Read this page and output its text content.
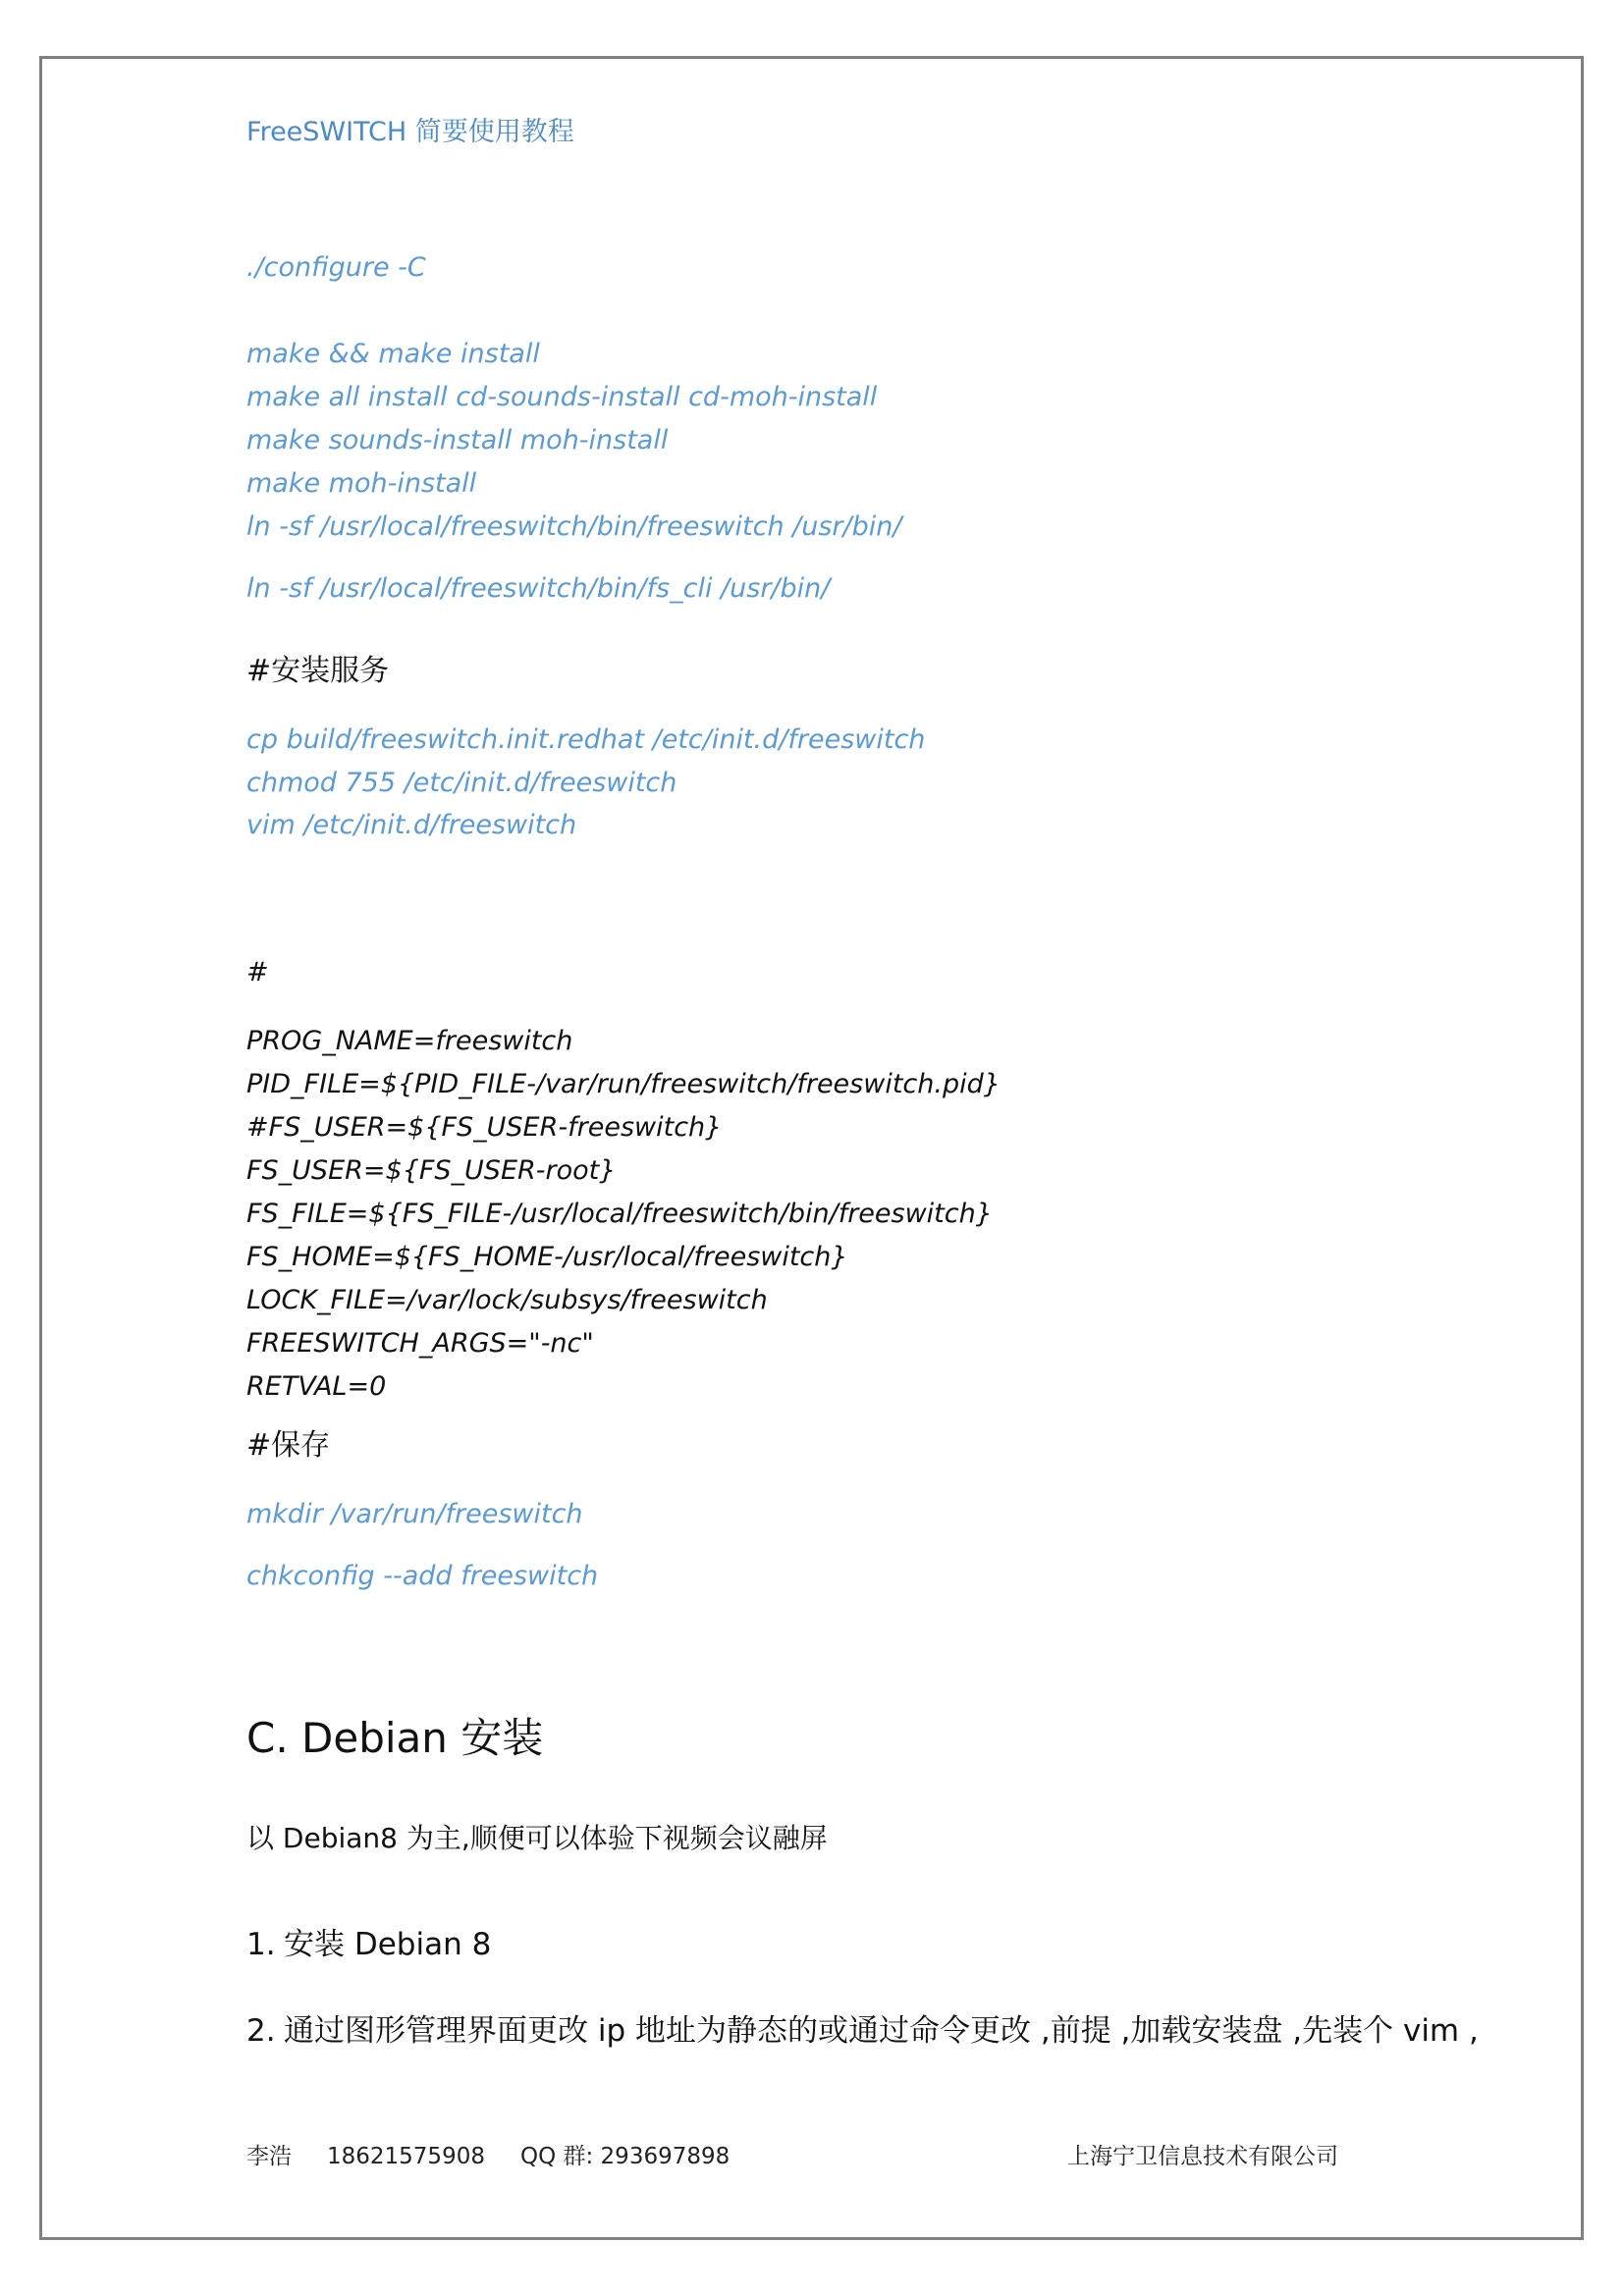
FreeSWITCH 简要使用教程
./configure -C
make && make install
make all install cd-sounds-install cd-moh-install
make sounds-install moh-install
make moh-install
ln -sf /usr/local/freeswitch/bin/freeswitch /usr/bin/
ln -sf /usr/local/freeswitch/bin/fs_cli /usr/bin/
#安装服务
cp build/freeswitch.init.redhat /etc/init.d/freeswitch
chmod 755 /etc/init.d/freeswitch
vim /etc/init.d/freeswitch
#
PROG_NAME=freeswitch
PID_FILE=${PID_FILE-/var/run/freeswitch/freeswitch.pid}
#FS_USER=${FS_USER-freeswitch}
FS_USER=${FS_USER-root}
FS_FILE=${FS_FILE-/usr/local/freeswitch/bin/freeswitch}
FS_HOME=${FS_HOME-/usr/local/freeswitch}
LOCK_FILE=/var/lock/subsys/freeswitch
FREESWITCH_ARGS="-nc"
RETVAL=0
#保存
mkdir /var/run/freeswitch
chkconfig --add freeswitch
C. Debian 安装
以 Debian8 为主,顺便可以体验下视频会议融屏
1. 安装 Debian 8
2. 通过图形管理界面更改 ip 地址为静态的或通过命令更改 ,前提 ,加载安装盘 ,先装个 vim ,
李浩 18621575908 QQ 群: 293697898	上海宁卫信息技术有限公司
